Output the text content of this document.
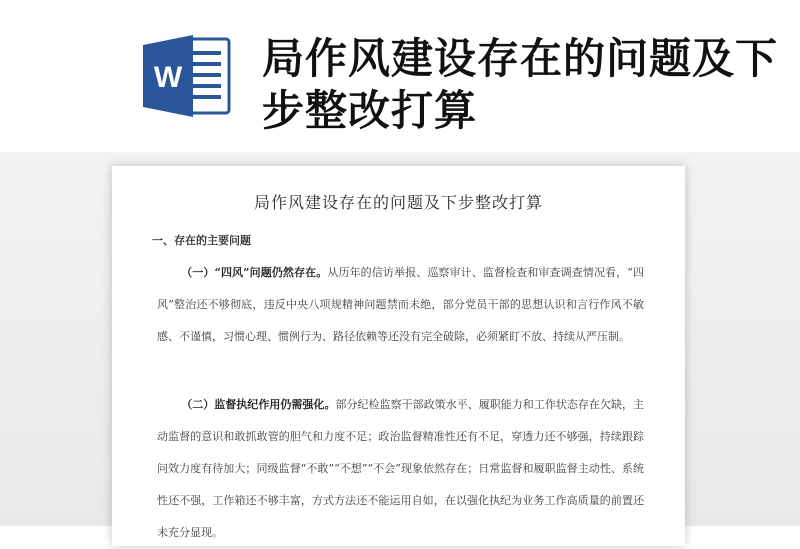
W 局作风建设存在的问题及下步整改打算
局作风建设存在的问题及下步整改打算
一、存在的主要问题

（一）“四风”问题仍然存在。从历年的信访举报、巡察审计、监督检查和审查调查情况看，“四风”整治还不够彻底，违反中央八项规精神问题禁而未绝，部分党员干部的思想认识和言行作风不敏感、不谨慎，习惯心理、惯例行为、路径依赖等还没有完全破除，必须紧盯不放、持续从严压制。

（二）监督执纪作用仍需强化。部分纪检监察干部政策水平、履职能力和工作状态存在欠缺，主动监督的意识和敢抓敢管的胆气和力度不足；政治监督精准性还有不足，穿透力还不够强，持续跟踪问效力度有待加大；同级监督“不敢”“不想”“不会”现象依然存在；日常监督和履职监督主动性、系统性还不强，工作箱还不够丰富，方式方法还不能运用自如，在以强化执纪为业务工作高质量的前置还未充分显现。
